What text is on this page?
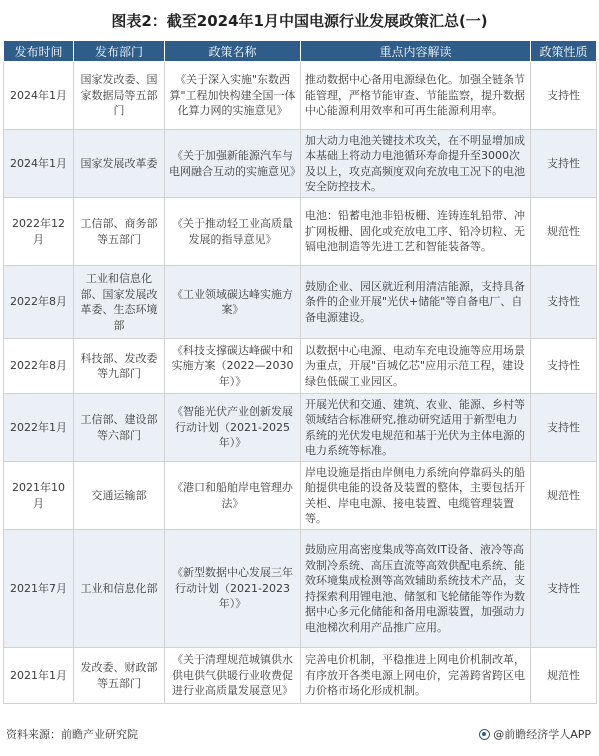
图表2：截至2024年1月中国电源行业发展政策汇总(一)
发布时间	发布部门	政策名称	重点内容解读	政策性质
2024年1月	国家发改委、国家数据局等五部门	《关于深入实施"东数西算"工程加快构建全国一体化算力网的实施意见》	推动数据中心备用电源绿色化。加强全链条节能管理，严格节能审查、节能监察，提升数据中心能源利用效率和可再生能源利用率。	支持性
2024年1月	国家发展改革委	《关于加强新能源汽车与电网融合互动的实施意见》	加大动力电池关键技术攻关，在不明显增加成本基础上将动力电池循环寿命提升至3000次及以上，攻克高频度双向充放电工况下的电池安全防控技术。	支持性
2022年12月	工信部、商务部等五部门	《关于推动轻工业高质量发展的指导意见》	电池：铅蓄电池非铅板栅、连铸连轧铅带、冲扩网板栅、固化或充放电工序、铅冷切粒、无镉电池制造等先进工艺和智能装备等。	规范性
2022年8月	工业和信息化部、国家发展改革委、生态环境部	《工业领域碳达峰实施方案》	鼓励企业、园区就近利用清洁能源，支持具备条件的企业开展"光伏+储能"等自备电厂、自备电源建设。	支持性
2022年8月	科技部、发改委等九部门	《科技支撑碳达峰碳中和实施方案（2022—2030年）》	以数据中心电源、电动车充电设施等应用场景为重点，开展"百城亿芯"应用示范工程，建设绿色低碳工业园区。	支持性
2022年1月	工信部、建设部等六部门	《智能光伏产业创新发展行动计划（2021-2025年）》	开展光伏和交通、建筑、农业、能源、乡村等领域结合标准研究,推动研究适用于新型电力系统的光伏发电规范和基于光伏为主体电源的电力系统等标准。	支持性
2021年10月	交通运输部	《港口和船舶岸电管理办法》	岸电设施是指由岸侧电力系统向停靠码头的船舶提供电能的设备及装置的整体，主要包括开关柜、岸电电源、接电装置、电缆管理装置等。	规范性
2021年7月	工业和信息化部	《新型数据中心发展三年行动计划（2021-2023年）》	鼓励应用高密度集成等高效IT设备、液冷等高效制冷系统、高压直流等高效供配电系统、能效环境集成检测等高效辅助系统技术产品，支持探索利用锂电池、储氢和飞轮储能等作为数据中心多元化储能和备用电源装置，加强动力电池梯次利用产品推广应用。	支持性
2021年1月	发改委、财政部等五部门	《关于清理规范城镇供水供电供气供暖行业收费促进行业高质量发展意见》	完善电价机制，平稳推进上网电价机制改革，有序放开各类电源上网电价，完善跨省跨区电力价格市场化形成机制。	规范性
资料来源：前瞻产业研究院	@前瞻经济学人APP
